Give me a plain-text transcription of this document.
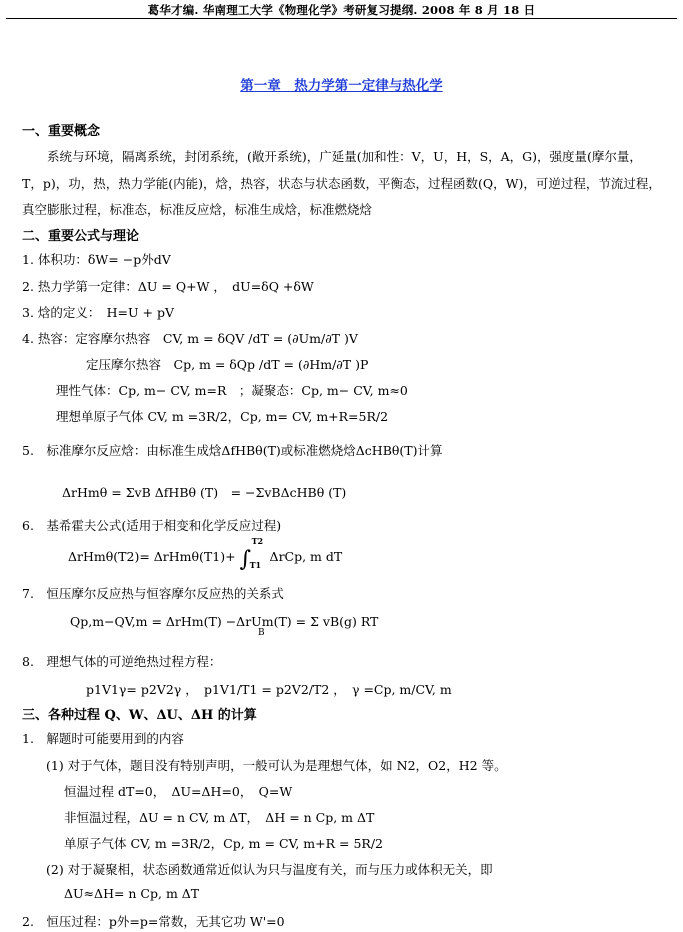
葛华才编. 华南理工大学《物理化学》考研复习提纲. 2008 年 8 月 18 日
第一章　热力学第一定律与热化学
一、重要概念
系统与环境，隔离系统，封闭系统，(敞开系统)，广延量(加和性：V，U，H，S，A，G)，强度量(摩尔量，T，p)，功，热，热力学能(内能)，焓，热容，状态与状态函数，平衡态，过程函数(Q，W)，可逆过程，节流过程，真空膨胀过程，标准态，标准反应焓，标准生成焓，标准燃烧焓
二、重要公式与理论
1. 体积功：δW= −p外dV
2. 热力学第一定律：ΔU = Q+W ，　dU=δQ +δW
3. 焓的定义：　H=U + pV
4. 热容：定容摩尔热容　CV, m = δQV /dT = (∂Um/∂T )V
定压摩尔热容　Cp, m = δQp /dT = (∂Hm/∂T )P
理性气体：Cp, m− CV, m=R　；凝聚态：Cp, m− CV, m≈0
理想单原子气体 CV, m =3R/2，Cp, m= CV, m+R=5R/2
5.　标准摩尔反应焓：由标准生成焓ΔfHBθ(T)或标准燃烧焓ΔcHBθ(T)计算
ΔrHmθ = ΣvB ΔfHBθ (T)　= −ΣvBΔcHBθ (T)
6.　基希霍夫公式(适用于相变和化学反应过程)
ΔrHmθ(T2)= ΔrHmθ(T1)+ ∫
T2
T1
ΔrCp, m dT
7.　恒压摩尔反应热与恒容摩尔反应热的关系式
Qp,m−QV,m = ΔrHm(T) −ΔrUm(T) = Σ vB(g) RT
B
8.　理想气体的可逆绝热过程方程：
p1V1γ= p2V2γ ，　p1V1/T1 = p2V2/T2 ，　γ =Cp, m/CV, m
三、各种过程 Q、W、ΔU、ΔH 的计算
1.　解题时可能要用到的内容
(1) 对于气体，题目没有特别声明，一般可认为是理想气体，如 N2，O2，H2 等。
恒温过程 dT=0，　ΔU=ΔH=0，　Q=W
非恒温过程，ΔU = n CV, m ΔT，　ΔH = n Cp, m ΔT
单原子气体 CV, m =3R/2，Cp, m = CV, m+R = 5R/2
(2) 对于凝聚相，状态函数通常近似认为只与温度有关，而与压力或体积无关，即
ΔU≈ΔH= n Cp, m ΔT
2.　恒压过程：p外=p=常数，无其它功 W'=0
